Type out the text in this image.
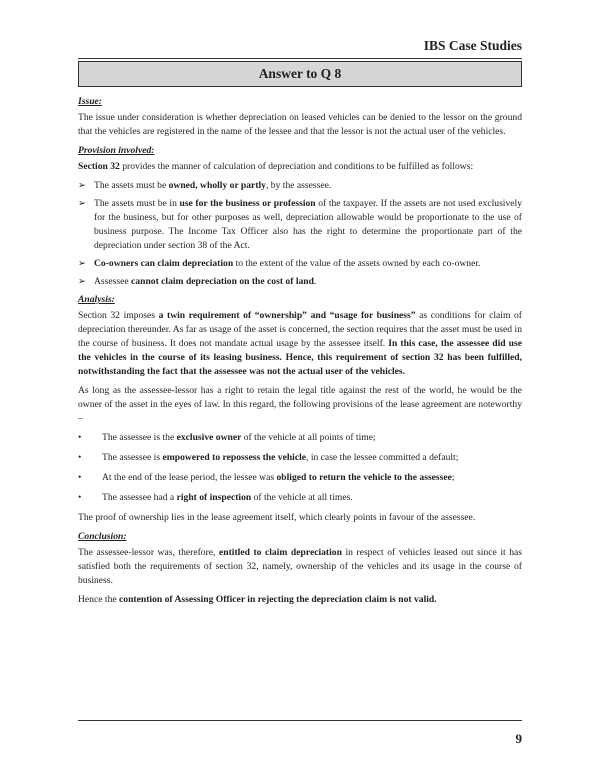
IBS Case Studies
Answer to Q 8
Issue:

The issue under consideration is whether depreciation on leased vehicles can be denied to the lessor on the ground that the vehicles are registered in the name of the lessee and that the lessor is not the actual user of the vehicles.

Provision involved:

Section 32 provides the manner of calculation of depreciation and conditions to be fulfilled as follows:

➢ The assets must be owned, wholly or partly, by the assessee.
➢ The assets must be in use for the business or profession of the taxpayer. If the assets are not used exclusively for the business, but for other purposes as well, depreciation allowable would be proportionate to the use of business purpose. The Income Tax Officer also has the right to determine the proportionate part of the depreciation under section 38 of the Act.
➢ Co-owners can claim depreciation to the extent of the value of the assets owned by each co-owner.
➢ Assessee cannot claim depreciation on the cost of land.
Analysis:

Section 32 imposes a twin requirement of “ownership” and “usage for business” as conditions for claim of depreciation thereunder. As far as usage of the asset is concerned, the section requires that the asset must be used in the course of business. It does not mandate actual usage by the assessee itself. In this case, the assessee did use the vehicles in the course of its leasing business. Hence, this requirement of section 32 has been fulfilled, notwithstanding the fact that the assessee was not the actual user of the vehicles.

As long as the assessee-lessor has a right to retain the legal title against the rest of the world, he would be the owner of the asset in the eyes of law. In this regard, the following provisions of the lease agreement are noteworthy –

•	The assessee is the exclusive owner of the vehicle at all points of time;
•	The assessee is empowered to repossess the vehicle, in case the lessee committed a default;
•	At the end of the lease period, the lessee was obliged to return the vehicle to the assessee;
•	The assessee had a right of inspection of the vehicle at all times.

The proof of ownership lies in the lease agreement itself, which clearly points in favour of the assessee.

Conclusion:

The assessee-lessor was, therefore, entitled to claim depreciation in respect of vehicles leased out since it has satisfied both the requirements of section 32, namely, ownership of the vehicles and its usage in the course of business.

Hence the contention of Assessing Officer in rejecting the depreciation claim is not valid.

9
